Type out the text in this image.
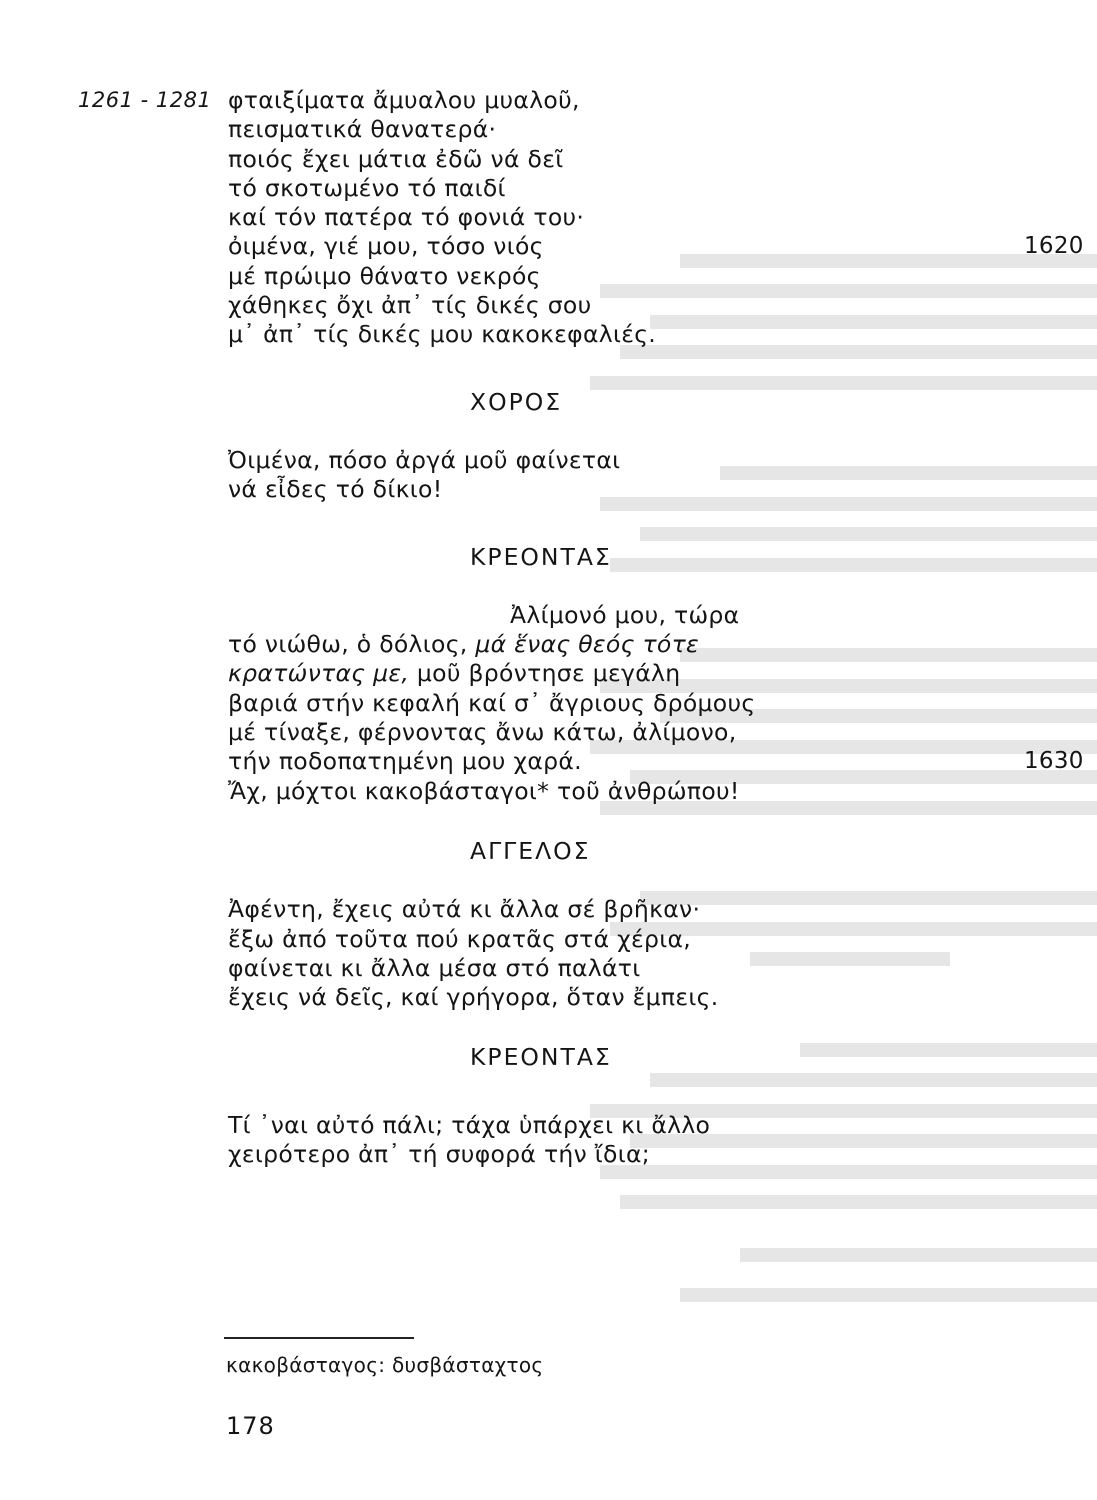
1261 - 1281 φταιξίματα ἄμυαλου μυαλοῦ,
πεισματικά θανατερά·
ποιός ἔχει μάτια ἐδῶ νά δεῖ
τό σκοτωμένο τό παιδί
καί τόν πατέρα τό φονιά του·
ὀιμένα, γιέ μου, τόσο νιός	1620
μέ πρώιμο θάνατο νεκρός
χάθηκες ὄχι ἀπ᾽ τίς δικές σου
μ᾽ ἀπ᾽ τίς δικές μου κακοκεφαλιές.
ΧΟΡΟΣ
Ὀιμένα, πόσο ἀργά μοῦ φαίνεται
νά εἶδες τό δίκιο!
ΚΡΕΟΝΤΑΣ
Ἀλίμονό μου, τώρα
τό νιώθω, ὁ δόλιος, μά ἕνας θεός τότε
κρατώντας με, μοῦ βρόντησε μεγάλη
βαριά στήν κεφαλή καί σ᾽ ἄγριους δρόμους
μέ τίναξε, φέρνοντας ἄνω κάτω, ἀλίμονο,
τήν ποδοπατημένη μου χαρά.	1630
Ἄχ, μόχτοι κακοβάσταγοι* τοῦ ἀνθρώπου!
ΑΓΓΕΛΟΣ
Ἀφέντη, ἔχεις αὐτά κι ἄλλα σέ βρῆκαν·
ἔξω ἀπό τοῦτα πού κρατᾶς στά χέρια,
φαίνεται κι ἄλλα μέσα στό παλάτι
ἔχεις νά δεῖς, καί γρήγορα, ὅταν ἔμπεις.
ΚΡΕΟΝΤΑΣ
Τί ᾽ναι αὐτό πάλι; τάχα ὑπάρχει κι ἄλλο
χειρότερο ἀπ᾽ τή συφορά τήν ἴδια;
κακοβάσταγος: δυσβάσταχτος
178
